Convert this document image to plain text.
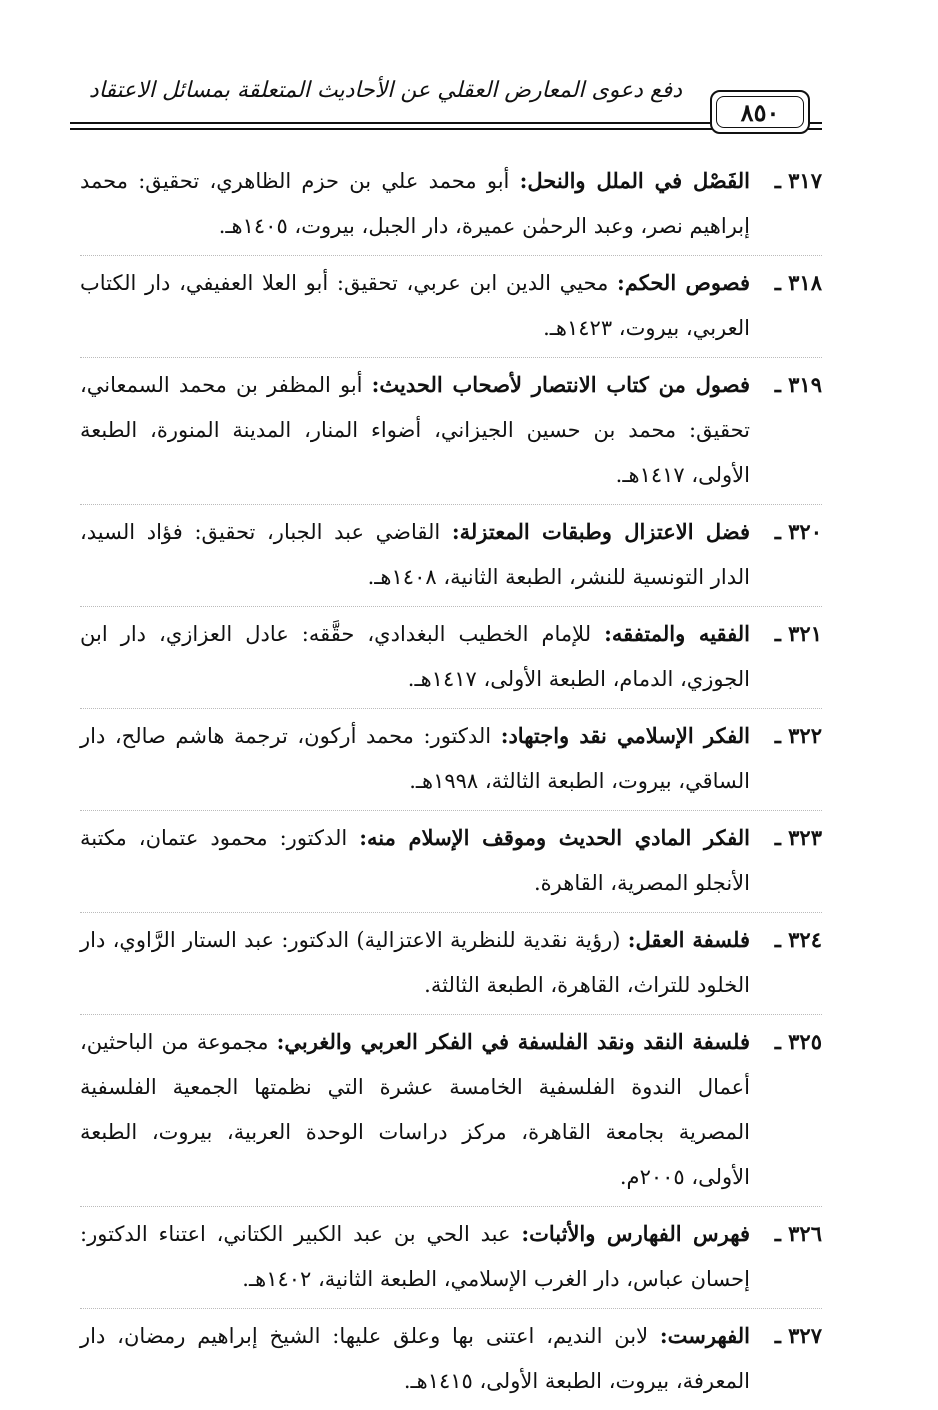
دفع دعوى المعارض العقلي عن الأحاديث المتعلقة بمسائل الاعتقاد
٨٥٠
٣١٧ ـ
الفَصْل في الملل والنحل: أبو محمد علي بن حزم الظاهري، تحقيق: محمد إبراهيم نصر، وعبد الرحمٰن عميرة، دار الجبل، بيروت، ١٤٠٥هـ.
٣١٨ ـ
فصوص الحكم: محيي الدين ابن عربي، تحقيق: أبو العلا العفيفي، دار الكتاب العربي، بيروت، ١٤٢٣هـ.
٣١٩ ـ
فصول من كتاب الانتصار لأصحاب الحديث: أبو المظفر بن محمد السمعاني، تحقيق: محمد بن حسين الجيزاني، أضواء المنار، المدينة المنورة، الطبعة الأولى، ١٤١٧هـ.
٣٢٠ ـ
فضل الاعتزال وطبقات المعتزلة: القاضي عبد الجبار، تحقيق: فؤاد السيد، الدار التونسية للنشر، الطبعة الثانية، ١٤٠٨هـ.
٣٢١ ـ
الفقيه والمتفقه: للإمام الخطيب البغدادي، حقَّقه: عادل العزازي، دار ابن الجوزي، الدمام، الطبعة الأولى، ١٤١٧هـ.
٣٢٢ ـ
الفكر الإسلامي نقد واجتهاد: الدكتور: محمد أركون، ترجمة هاشم صالح، دار الساقي، بيروت، الطبعة الثالثة، ١٩٩٨هـ.
٣٢٣ ـ
الفكر المادي الحديث وموقف الإسلام منه: الدكتور: محمود عتمان، مكتبة الأنجلو المصرية، القاهرة.
٣٢٤ ـ
فلسفة العقل: (رؤية نقدية للنظرية الاعتزالية) الدكتور: عبد الستار الرَّاوي، دار الخلود للتراث، القاهرة، الطبعة الثالثة.
٣٢٥ ـ
فلسفة النقد ونقد الفلسفة في الفكر العربي والغربي: مجموعة من الباحثين، أعمال الندوة الفلسفية الخامسة عشرة التي نظمتها الجمعية الفلسفية المصرية بجامعة القاهرة، مركز دراسات الوحدة العربية، بيروت، الطبعة الأولى، ٢٠٠٥م.
٣٢٦ ـ
فهرس الفهارس والأثبات: عبد الحي بن عبد الكبير الكتاني، اعتناء الدكتور: إحسان عباس، دار الغرب الإسلامي، الطبعة الثانية، ١٤٠٢هـ.
٣٢٧ ـ
الفهرست: لابن النديم، اعتنى بها وعلق عليها: الشيخ إبراهيم رمضان، دار المعرفة، بيروت، الطبعة الأولى، ١٤١٥هـ.
